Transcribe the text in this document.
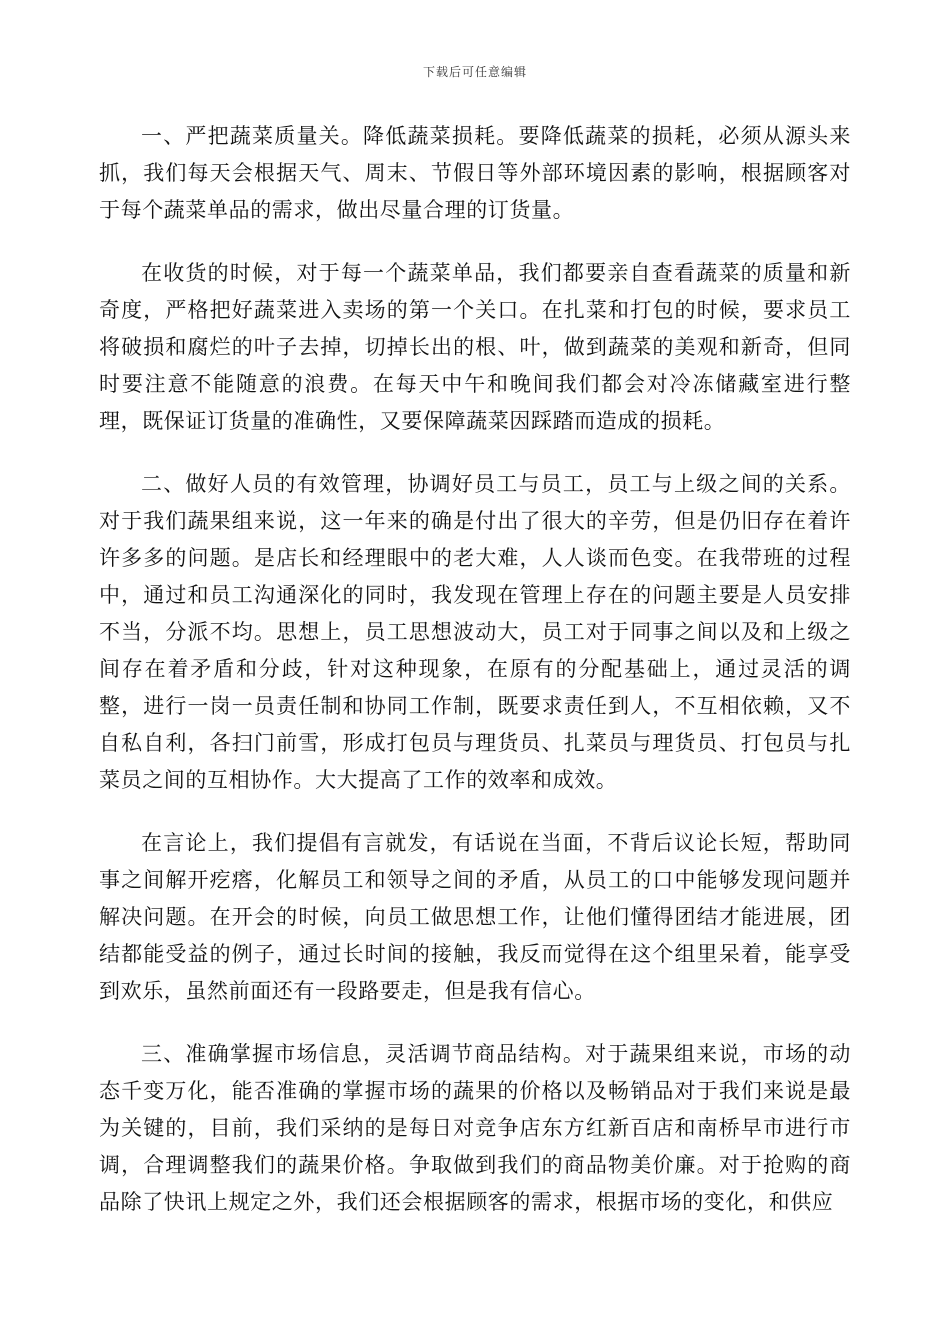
下载后可任意编辑

一、严把蔬菜质量关。降低蔬菜损耗。要降低蔬菜的损耗，必须从源头来抓，我们每天会根据天气、周末、节假日等外部环境因素的影响，根据顾客对于每个蔬菜单品的需求，做出尽量合理的订货量。

在收货的时候，对于每一个蔬菜单品，我们都要亲自查看蔬菜的质量和新奇度，严格把好蔬菜进入卖场的第一个关口。在扎菜和打包的时候，要求员工将破损和腐烂的叶子去掉，切掉长出的根、叶，做到蔬菜的美观和新奇，但同时要注意不能随意的浪费。在每天中午和晚间我们都会对冷冻储藏室进行整理，既保证订货量的准确性，又要保障蔬菜因踩踏而造成的损耗。

二、做好人员的有效管理，协调好员工与员工，员工与上级之间的关系。对于我们蔬果组来说，这一年来的确是付出了很大的辛劳，但是仍旧存在着许许多多的问题。是店长和经理眼中的老大难，人人谈而色变。在我带班的过程中，通过和员工沟通深化的同时，我发现在管理上存在的问题主要是人员安排不当，分派不均。思想上，员工思想波动大，员工对于同事之间以及和上级之间存在着矛盾和分歧，针对这种现象，在原有的分配基础上，通过灵活的调整，进行一岗一员责任制和协同工作制，既要求责任到人，不互相依赖，又不自私自利，各扫门前雪，形成打包员与理货员、扎菜员与理货员、打包员与扎菜员之间的互相协作。大大提高了工作的效率和成效。

在言论上，我们提倡有言就发，有话说在当面，不背后议论长短，帮助同事之间解开疙瘩，化解员工和领导之间的矛盾，从员工的口中能够发现问题并解决问题。在开会的时候，向员工做思想工作，让他们懂得团结才能进展，团结都能受益的例子，通过长时间的接触，我反而觉得在这个组里呆着，能享受到欢乐，虽然前面还有一段路要走，但是我有信心。

三、准确掌握市场信息，灵活调节商品结构。对于蔬果组来说，市场的动态千变万化，能否准确的掌握市场的蔬果的价格以及畅销品对于我们来说是最为关键的，目前，我们采纳的是每日对竞争店东方红新百店和南桥早市进行市调，合理调整我们的蔬果价格。争取做到我们的商品物美价廉。对于抢购的商品除了快讯上规定之外，我们还会根据顾客的需求，根据市场的变化，和供应
